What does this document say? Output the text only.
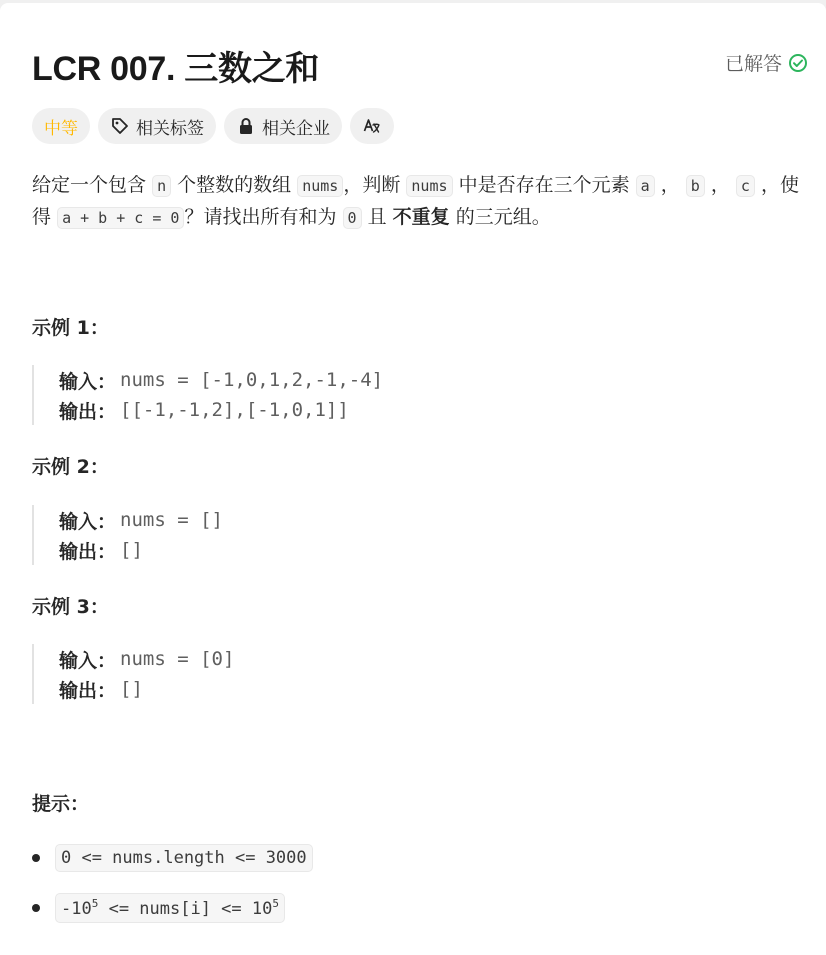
LCR 007. 三数之和	已解答
中等	相关标签	相关企业
给定一个包含 n 个整数的数组 nums ，判断 nums 中是否存在三个元素 a ， b ， c ，使得 a + b + c = 0 ？请找出所有和为 0 且 不重复 的三元组。
示例 1：
输入： nums = [-1,0,1,2,-1,-4]
输出： [[-1,-1,2],[-1,0,1]]
示例 2：
输入： nums = []
输出： []
示例 3：
输入： nums = [0]
输出： []
提示：
0 <= nums.length <= 3000
$-10^5$ <= nums[i] <= $10^5$
